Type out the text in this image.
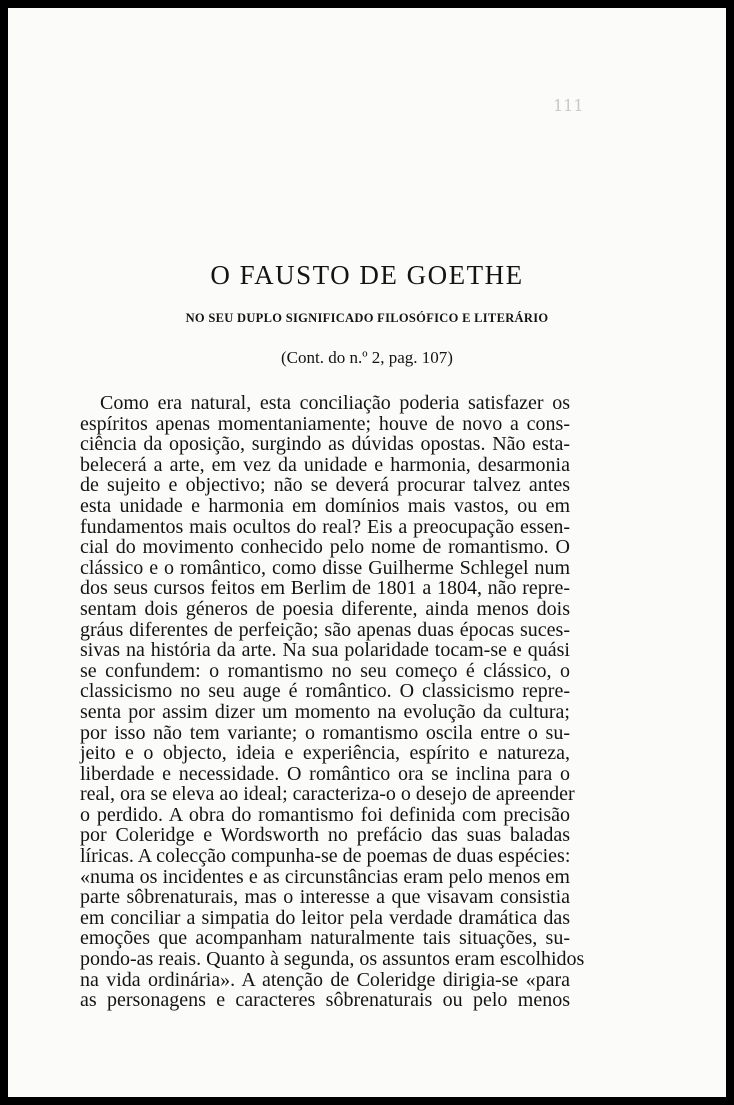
111
O FAUSTO DE GOETHE
NO SEU DUPLO SIGNIFICADO FILOSÓFICO E LITERÁRIO
(Cont. do n.º 2, pag. 107)
Como era natural, esta conciliação poderia satisfazer os
espíritos apenas momentaniamente; houve de novo a cons-
ciência da oposição, surgindo as dúvidas opostas. Não esta-
belecerá a arte, em vez da unidade e harmonia, desarmonia
de sujeito e objectivo; não se deverá procurar talvez antes
esta unidade e harmonia em domínios mais vastos, ou em
fundamentos mais ocultos do real? Eis a preocupação essen-
cial do movimento conhecido pelo nome de romantismo. O
clássico e o romântico, como disse Guilherme Schlegel num
dos seus cursos feitos em Berlim de 1801 a 1804, não repre-
sentam dois géneros de poesia diferente, ainda menos dois
gráus diferentes de perfeição; são apenas duas épocas suces-
sivas na história da arte. Na sua polaridade tocam-se e quási
se confundem: o romantismo no seu começo é clássico, o
classicismo no seu auge é romântico. O classicismo repre-
senta por assim dizer um momento na evolução da cultura;
por isso não tem variante; o romantismo oscila entre o su-
jeito e o objecto, ideia e experiência, espírito e natureza,
liberdade e necessidade. O romântico ora se inclina para o
real, ora se eleva ao ideal; caracteriza-o o desejo de apreender
o perdido. A obra do romantismo foi definida com precisão
por Coleridge e Wordsworth no prefácio das suas baladas
líricas. A colecção compunha-se de poemas de duas espécies:
«numa os incidentes e as circunstâncias eram pelo menos em
parte sôbrenaturais, mas o interesse a que visavam consistia
em conciliar a simpatia do leitor pela verdade dramática das
emoções que acompanham naturalmente tais situações, su-
pondo-as reais. Quanto à segunda, os assuntos eram escolhidos
na vida ordinária». A atenção de Coleridge dirigia-se «para
as personagens e caracteres sôbrenaturais ou pelo menos
